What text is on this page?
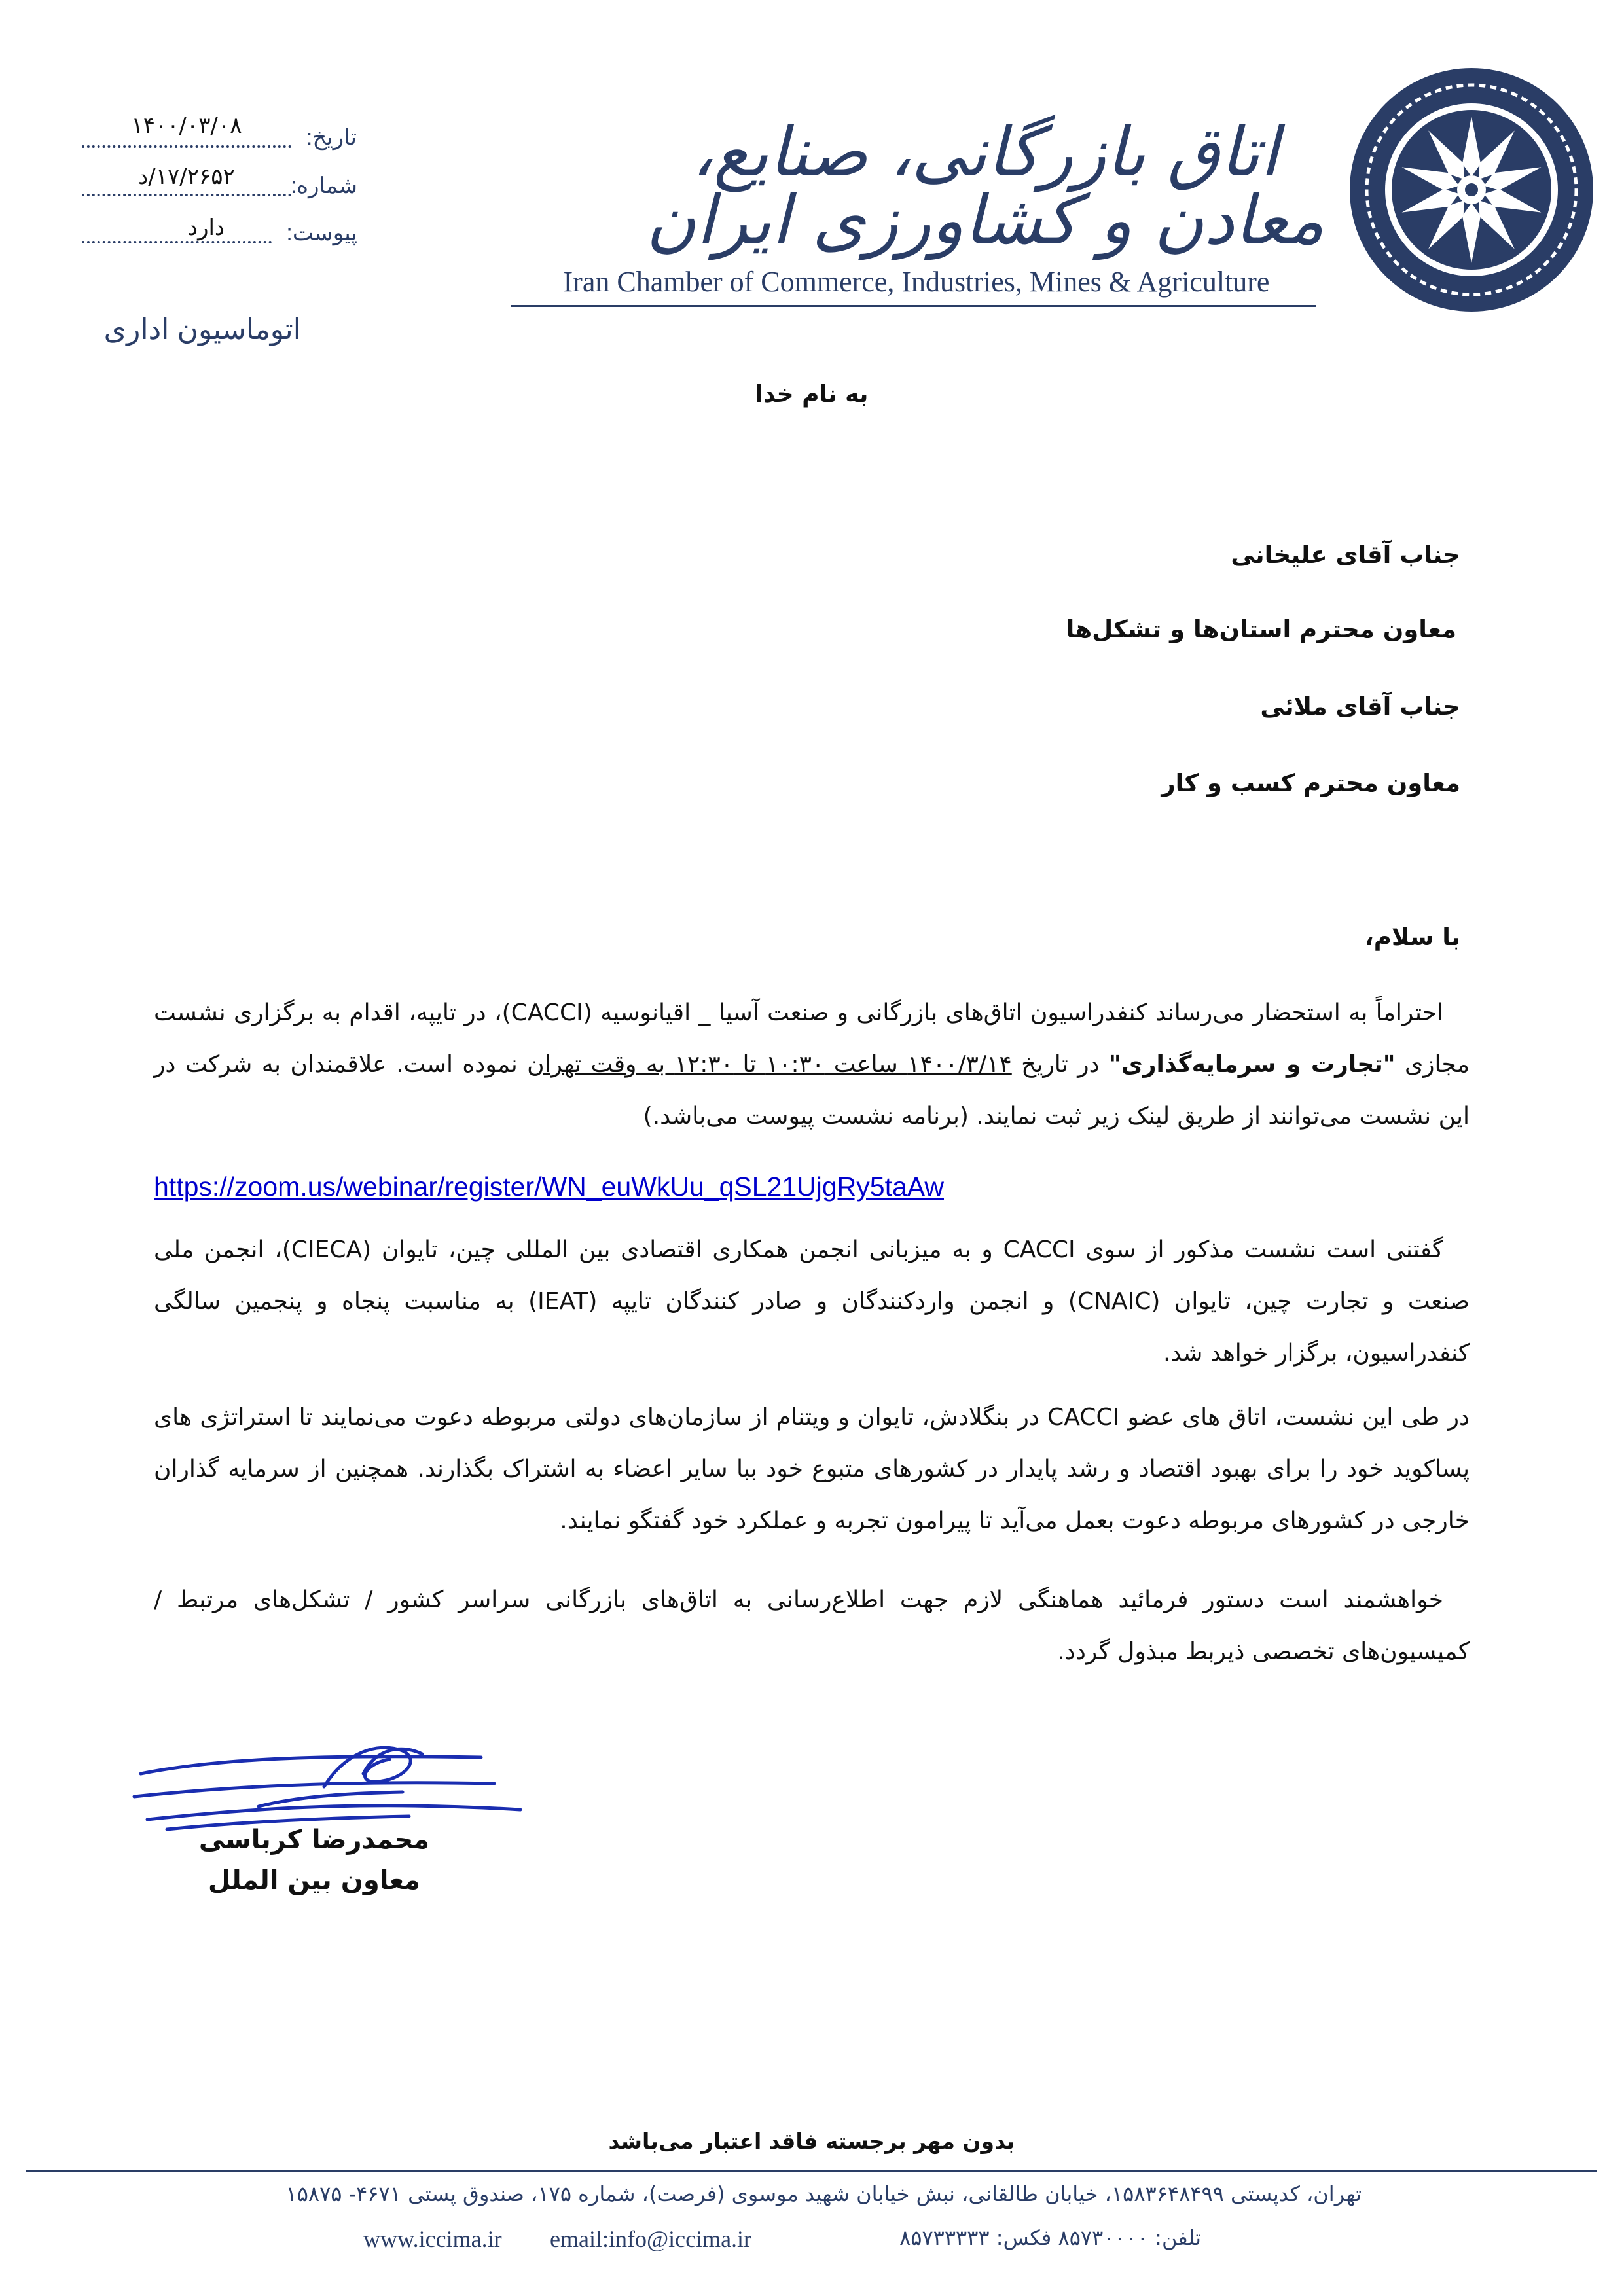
اتاق بازرگانی، صنایع، معادن و کشاورزی ایران
Iran Chamber of Commerce, Industries, Mines & Agriculture
تاریخ:
۱۴۰۰/۰۳/۰۸
شماره:
۱۷/۲۶۵۲/د
پیوست:
دارد
اتوماسیون اداری
به نام خدا
جناب آقای علیخانی
معاون محترم استان‌ها و تشکل‌ها
جناب آقای ملائی
معاون محترم کسب و کار
با سلام،
احتراماً به استحضار می‌رساند کنفدراسیون اتاق‌های بازرگانی و صنعت آسیا _ اقیانوسیه (CACCI)، در تایپه، اقدام به برگزاری نشست مجازی "تجارت و سرمایه‌گذاری" در تاریخ ۱۴۰۰/۳/۱۴ ساعت ۱۰:۳۰ تا ۱۲:۳۰ به وقت تهران نموده است. علاقمندان به شرکت در این نشست می‌توانند از طریق لینک زیر ثبت نمایند. (برنامه نشست پیوست می‌باشد.)
https://zoom.us/webinar/register/WN_euWkUu_qSL21UjgRy5taAw
گفتنی است نشست مذکور از سوی CACCI و به میزبانی انجمن همکاری اقتصادی بین المللی چین، تایوان (CIECA)، انجمن ملی صنعت و تجارت چین، تایوان (CNAIC) و انجمن واردکنندگان و صادر کنندگان تایپه (IEAT) به مناسبت پنجاه و پنجمین سالگی کنفدراسیون، برگزار خواهد شد.
در طی این نشست، اتاق های عضو CACCI در بنگلادش، تایوان و ویتنام از سازمان‌های دولتی مربوطه دعوت می‌نمایند تا استراتژی های پساکوید خود را برای بهبود اقتصاد و رشد پایدار در کشورهای متبوع خود ببا سایر اعضاء به اشتراک بگذارند. همچنین از سرمایه گذاران خارجی در کشورهای مربوطه دعوت بعمل می‌آید تا پیرامون تجربه و عملکرد خود گفتگو نمایند.
خواهشمند است دستور فرمائید هماهنگی لازم جهت اطلاع‌رسانی به اتاق‌های بازرگانی سراسر کشور / تشکل‌های مرتبط / کمیسیون‌های تخصصی ذیربط مبذول گردد.
محمدرضا کرباسی
معاون بین الملل
بدون مهر برجسته فاقد اعتبار می‌باشد
تهران، کدپستی ۱۵۸۳۶۴۸۴۹۹، خیابان طالقانی، نبش خیابان شهید موسوی (فرصت)، شماره ۱۷۵، صندوق پستی ۴۶۷۱- ۱۵۸۷۵
تلفن: ۸۵۷۳۰۰۰۰ فکس: ۸۵۷۳۳۳۳۳
email:info@iccima.ir
www.iccima.ir
